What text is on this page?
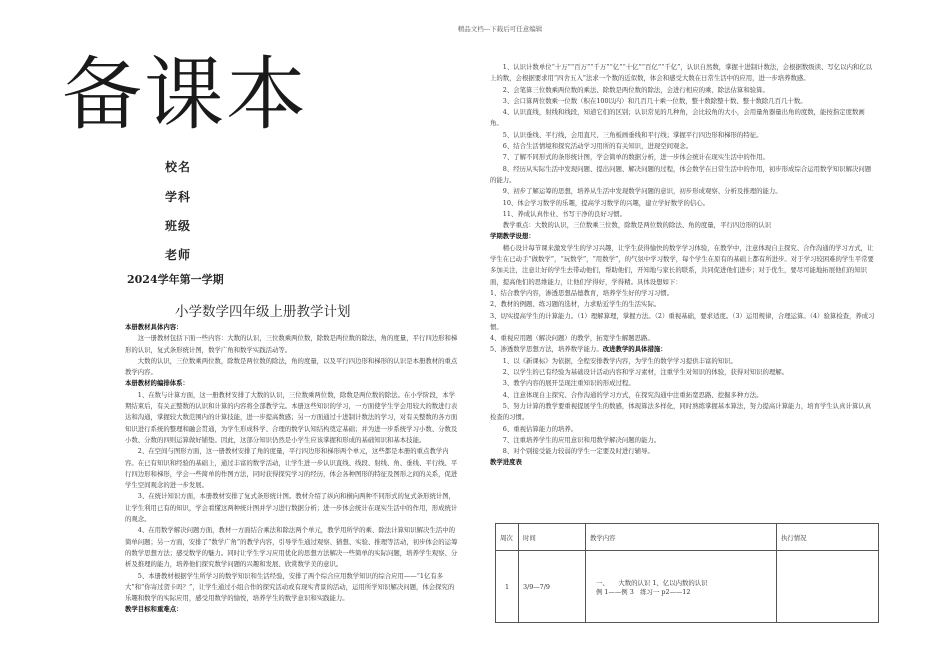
精品文档---下载后可任意编辑
备课本
校名
学科
班级
老师
2024学年第一学期
小学数学四年级上册教学计划

本册教材具体内容：

这一册教材包括下面一些内容：大数的认识，三位数乘两位数，除数是两位数的除法，角的度量，平行四边形和梯形的认识，复式条形统计图，数学广角和数学实践活动等。

大数的认识，三位数乘两位数，除数是两位数的除法，角的度量，以及平行四边形和梯形的认识是本册教材的重点教学内容。

本册教材的编排体系：

1、在数与计算方面，这一册教材安排了大数的认识，三位数乘两位数，除数是两位数的除法。在小学阶段，本学期结束后，有关正整数的认识和计算的内容将全部教学完。本册这些知识的学习，一方面使学生学会用较大的数进行表达和沟通，掌握较大数范围内的计算技能，进一步提高数感；另一方面通过十进制计数法的学习，对有关整数的各方面知识进行系统的整理和融会贯通，为学生形成科学、合理的数学认知结构奠定基础；并为进一步系统学习小数、分数及小数、分数的四则运算做好铺垫。因此，这部分知识仍然是小学生应该掌握和形成的基础知识和基本技能。

2、在空间与图形方面，这一册教材安排了角的度量，平行四边形和梯形两个单元，这些都是本册的重点教学内容。在已有知识和经验的基础上，通过丰富的数学活动，让学生进一步认识直线、线段、射线、角、垂线、平行线、平行四边形和梯形，学会一些简单的作图方法，同时获得探究学习的经历，体会各种图形的特征及图形之间的关系，促进学生空间观念的进一步发展。

3、在统计知识方面，本册教材安排了复式条形统计图。教材介绍了纵向和横向两种不同形式的复式条形统计图，让学生利用已有的知识，学会看懂这两种统计图并学习进行数据分析；进一步体会统计在现实生活中的作用，形成统计的观念。

4、在用数学解决问题方面，教材一方面结合乘法和除法两个单元，教学用所学的乘、除法计算知识解决生活中的简单问题；另一方面，安排了“数学广角”的教学内容，引导学生通过观察、猜想、实验、推理等活动，初步体会的运筹的数学思想方法；感受数学的魅力。同时让学生学习应用优化的思想方法解决一些简单的实际问题，培养学生观察、分析及推理的能力，培养他们探究数学问题的兴趣和发展、欣赏数学美的意识。

5、本册教材根据学生所学习的数学知识和生活经验，安排了两个综合应用数学知识的综合应用——“1亿有多大”和“你寄过贺卡吗？”，让学生通过小组合作的探究活动或有现实背景的活动，运用所学知识解决问题，体会探究的乐趣和数学的实际应用，感受用数学的愉悦，培养学生的数学意识和实践能力。

教学目标和重难点：

1、认识计数单位“十万”“百万”“千万”“亿”“十亿”“百亿”“千亿”，认识自然数，掌握十进制计数法，会根据数级读、写亿以内和亿以上的数，会根据要求用“四舍五入”法求一个数的近似数，体会和感受大数在日常生活中的应用，进一步培养数感。

2、会笔算三位数乘两位数的乘法、除数是两位数的除法，会进行相应的乘、除法估算和验算。

3、会口算两位数乘一位数（积在100以内）和几百几十乘一位数，整十数除整十数、整十数除几百几十数。

4、认识直线，射线和线段，知道它们的区别；认识常见的几种角，会比较角的大小，会用量角器量出角的度数，能按指定度数画角。

5、认识垂线、平行线，会用直尺、三角板画垂线和平行线；掌握平行四边形和梯形的特征。

6、结合生活情境和探究活动学习用所的有关知识，进现空间观念。

7、了解不同形式的条形统计图，学会简单的数据分析，进一步体会统计在现实生活中的作用。

8、经历从实际生活中发现问题、提出问题、解决问题的过程，体会数学在日常生活中的作用，初步形成综合运用数学知识解决问题的能力。

9、初步了解运筹的思想，培养从生活中发现数学问题的意识，初步形成观察、分析及推理的能力。

10、体会学习数学的乐趣，提高学习数学的兴趣，建立学好数学的信心。

11、养成认真作业、书写干净的良好习惯。

教学重点：大数的认识，三位数乘三位数，除数是两位数的除法、角的度量，平行四边形的认识

学期教学设想：

精心设计每节课来激发学生的学习兴趣，让学生获得愉快的数学学习体验，在教学中，注意体现自主探究、合作沟通的学习方式，让学生在已动手“做数学”，“玩数学”，“用数学”，的气氛中学习数学，每个学生在原有的基础上都有所进步。对于学习较困难的学生平常要多加关注，注意让好的学生去带动他们，帮助他们，开知地与家长的联系，共同促进他们进步；对于优生，要尽可能地拓展他们的知识面，提高他们的思维能力，让他们学得好，学得精。具体设想如下：

1、结合教学内容，渗透思想品德教育，培养学生好的学习习惯。

2、教材的例题、练习题的选材，力求贴近学生的生活实际。

3、切实提高学生的计算能力。（1）理解算理，掌握方法。（2）重视基础，要求适度。（3）运用规律，合理运算。（4）验算检查，养成习惯。

4、重视应用题（解决问题）的教学，拓宽学生解题思路。

5、渗透数学思想方法，培养数学能力。改进教学的具体措施：

1、以《新课标》为依据，全程安排教学内容，为学生的数学学习提供丰富的知识。

2、以学生的已有经验为基础设计活动内容和学习素材，注重学生对知识的体验，获得对知识的理解。

3、教学内容的展开呈现注重知识的形成过程。

4、注意体现自主探究、合作沟通的学习方式，在探究沟通中注重拓宽思路、挖掘多种方法。

5、努力计算的教学要重视提展学生的数感，体现算法多样化，同时熟练掌握基本算法，努力提高计算能力，培育学生认真计算认真检查的习惯。

6、重视估算能力的培养。

7、注重培养学生的应用意识和用数学解决问题的能力。

8、对个别接受能力较弱的学生一定要及时进行辅导。

教学进度表

周次	时间	教学内容	执行情况
1	3/9—7/9	一、　　大数的认识 1、亿以内数的认识
例 1——例 3　练习一 p2——12	
